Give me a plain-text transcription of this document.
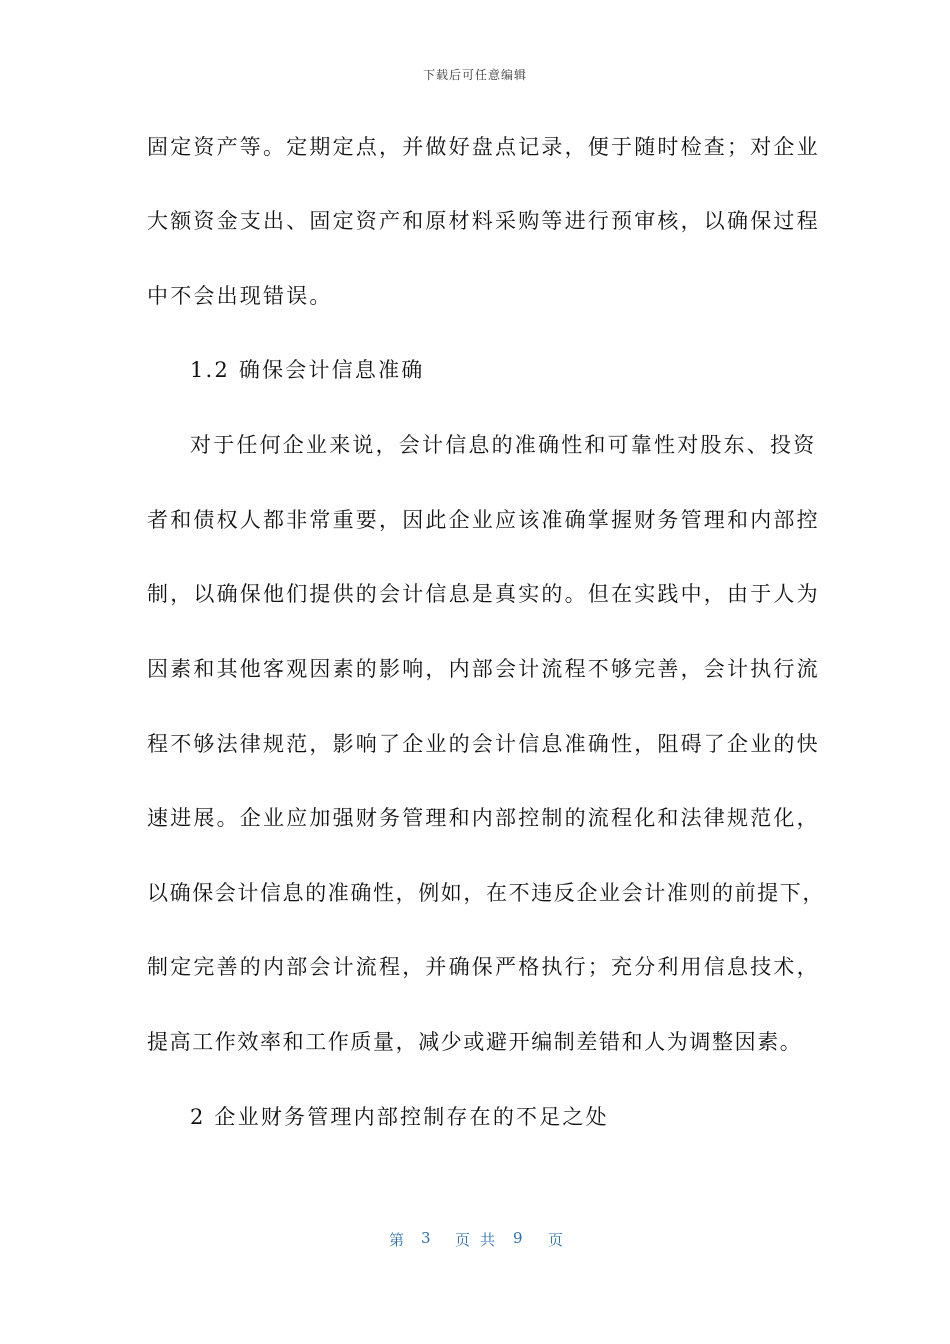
下载后可任意编辑
固定资产等。定期定点，并做好盘点记录，便于随时检查；对企业
大额资金支出、固定资产和原材料采购等进行预审核，以确保过程
中不会出现错误。
1.2 确保会计信息准确
对于任何企业来说，会计信息的准确性和可靠性对股东、投资
者和债权人都非常重要，因此企业应该准确掌握财务管理和内部控
制，以确保他们提供的会计信息是真实的。但在实践中，由于人为
因素和其他客观因素的影响，内部会计流程不够完善，会计执行流
程不够法律规范，影响了企业的会计信息准确性，阻碍了企业的快
速进展。企业应加强财务管理和内部控制的流程化和法律规范化，
以确保会计信息的准确性，例如，在不违反企业会计准则的前提下，
制定完善的内部会计流程，并确保严格执行；充分利用信息技术，
提高工作效率和工作质量，减少或避开编制差错和人为调整因素。
2 企业财务管理内部控制存在的不足之处
第 3 页共 9 页
